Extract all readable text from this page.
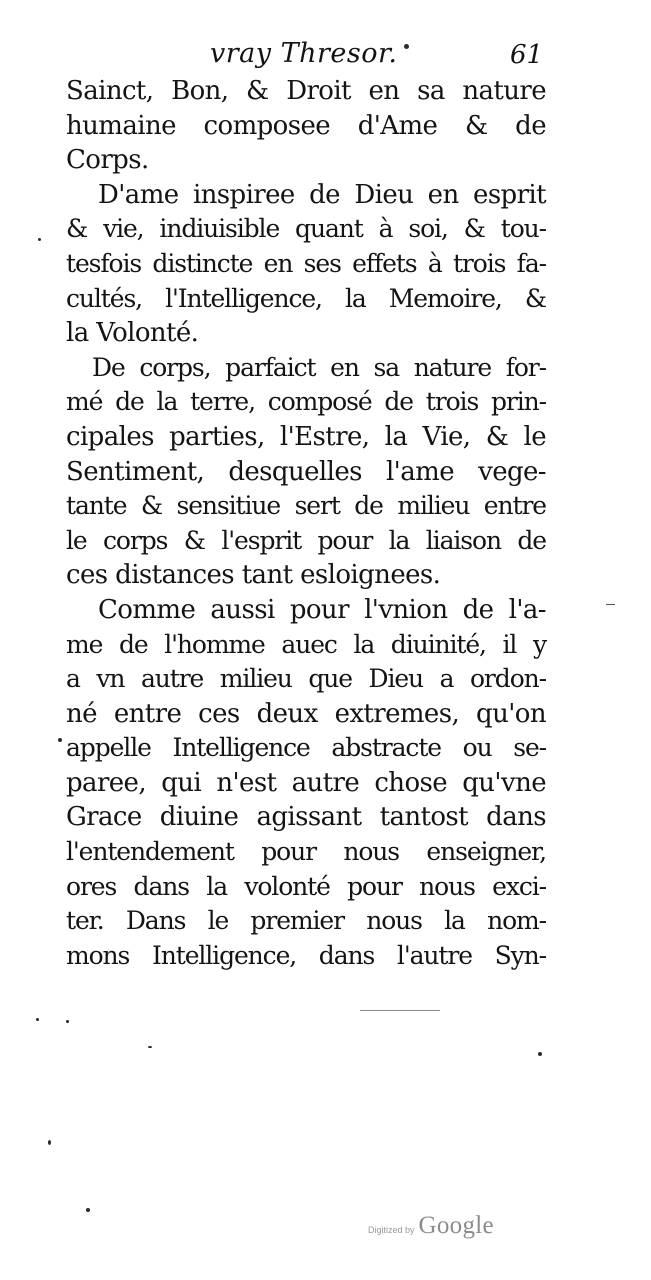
vray Thresor.	61
Sainct, Bon, & Droit en sa nature
humaine composee d'Ame & de
Corps.
D'ame inspiree de Dieu en esprit
& vie, indiuisible quant à soi, & tou-
tesfois distincte en ses effets à trois fa-
cultés, l'Intelligence, la Memoire, &
la Volonté.
De corps, parfaict en sa nature for-
mé de la terre, composé de trois prin-
cipales parties, l'Estre, la Vie, & le
Sentiment, desquelles l'ame vege-
tante & sensitiue sert de milieu entre
le corps & l'esprit pour la liaison de
ces distances tant esloignees.
Comme aussi pour l'vnion de l'a-
me de l'homme auec la diuinité, il y
a vn autre milieu que Dieu a ordon-
né entre ces deux extremes, qu'on
appelle Intelligence abstracte ou se-
paree, qui n'est autre chose qu'vne
Grace diuine agissant tantost dans
l'entendement pour nous enseigner,
ores dans la volonté pour nous exci-
ter. Dans le premier nous la nom-
mons Intelligence, dans l'autre Syn-
Digitized by Google
